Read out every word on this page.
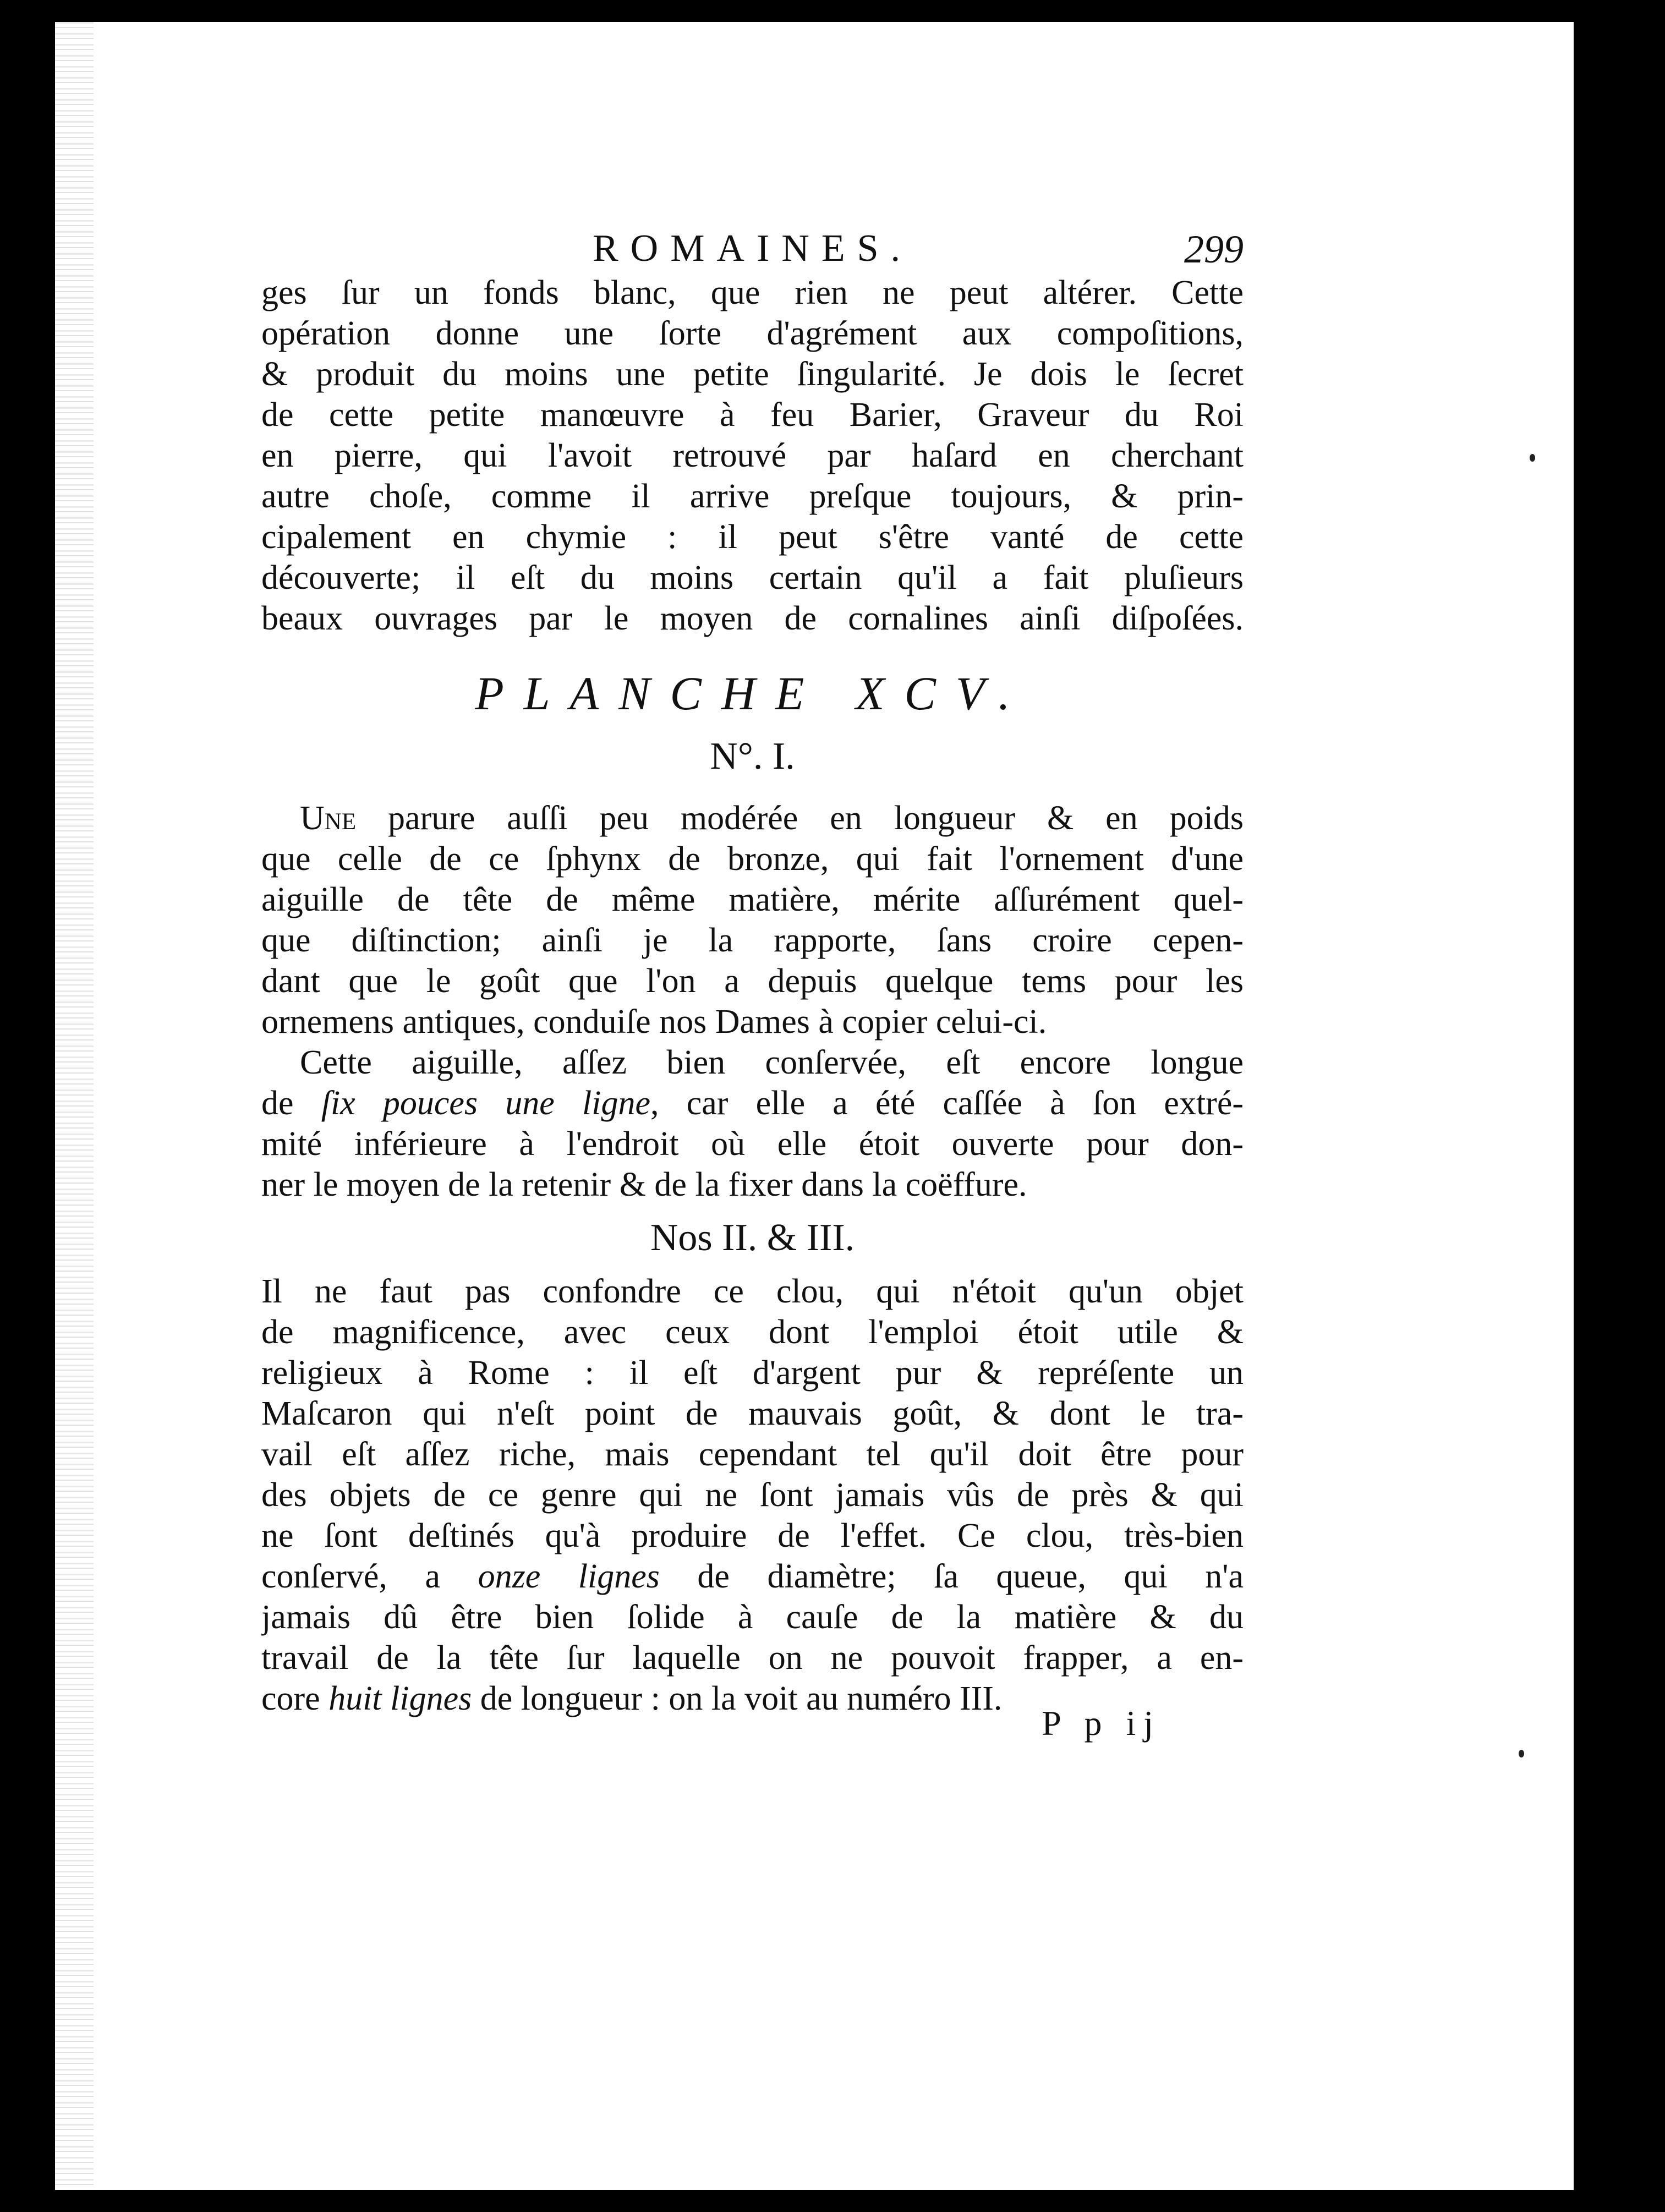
ROMAINES.	299
ges ſur un fonds blanc, que rien ne peut altérer. Cette
opération donne une ſorte d'agrément aux compoſitions,
& produit du moins une petite ſingularité. Je dois le ſecret
de cette petite manœuvre à feu Barier, Graveur du Roi
en pierre, qui l'avoit retrouvé par haſard en cherchant
autre choſe, comme il arrive preſque toujours, & prin-
cipalement en chymie : il peut s'être vanté de cette
découverte; il eſt du moins certain qu'il a fait pluſieurs
beaux ouvrages par le moyen de cornalines ainſi diſpoſées.
PLANCHE XCV.
N°. I.
Une parure auſſi peu modérée en longueur & en poids
que celle de ce ſphynx de bronze, qui fait l'ornement d'une
aiguille de tête de même matière, mérite aſſurément quel-
que diſtinction; ainſi je la rapporte, ſans croire cepen-
dant que le goût que l'on a depuis quelque tems pour les
ornemens antiques, conduiſe nos Dames à copier celui-ci.
Cette aiguille, aſſez bien conſervée, eſt encore longue
de ſix pouces une ligne, car elle a été caſſée à ſon extré-
mité inférieure à l'endroit où elle étoit ouverte pour don-
ner le moyen de la retenir & de la fixer dans la coëffure.
Nos II. & III.
Il ne faut pas confondre ce clou, qui n'étoit qu'un objet
de magnificence, avec ceux dont l'emploi étoit utile &
religieux à Rome : il eſt d'argent pur & repréſente un
Maſcaron qui n'eſt point de mauvais goût, & dont le tra-
vail eſt aſſez riche, mais cependant tel qu'il doit être pour
des objets de ce genre qui ne ſont jamais vûs de près & qui
ne ſont deſtinés qu'à produire de l'effet. Ce clou, très-bien
conſervé, a onze lignes de diamètre; ſa queue, qui n'a
jamais dû être bien ſolide à cauſe de la matière & du
travail de la tête ſur laquelle on ne pouvoit frapper, a en-
core huit lignes de longueur : on la voit au numéro III.
P p ij
